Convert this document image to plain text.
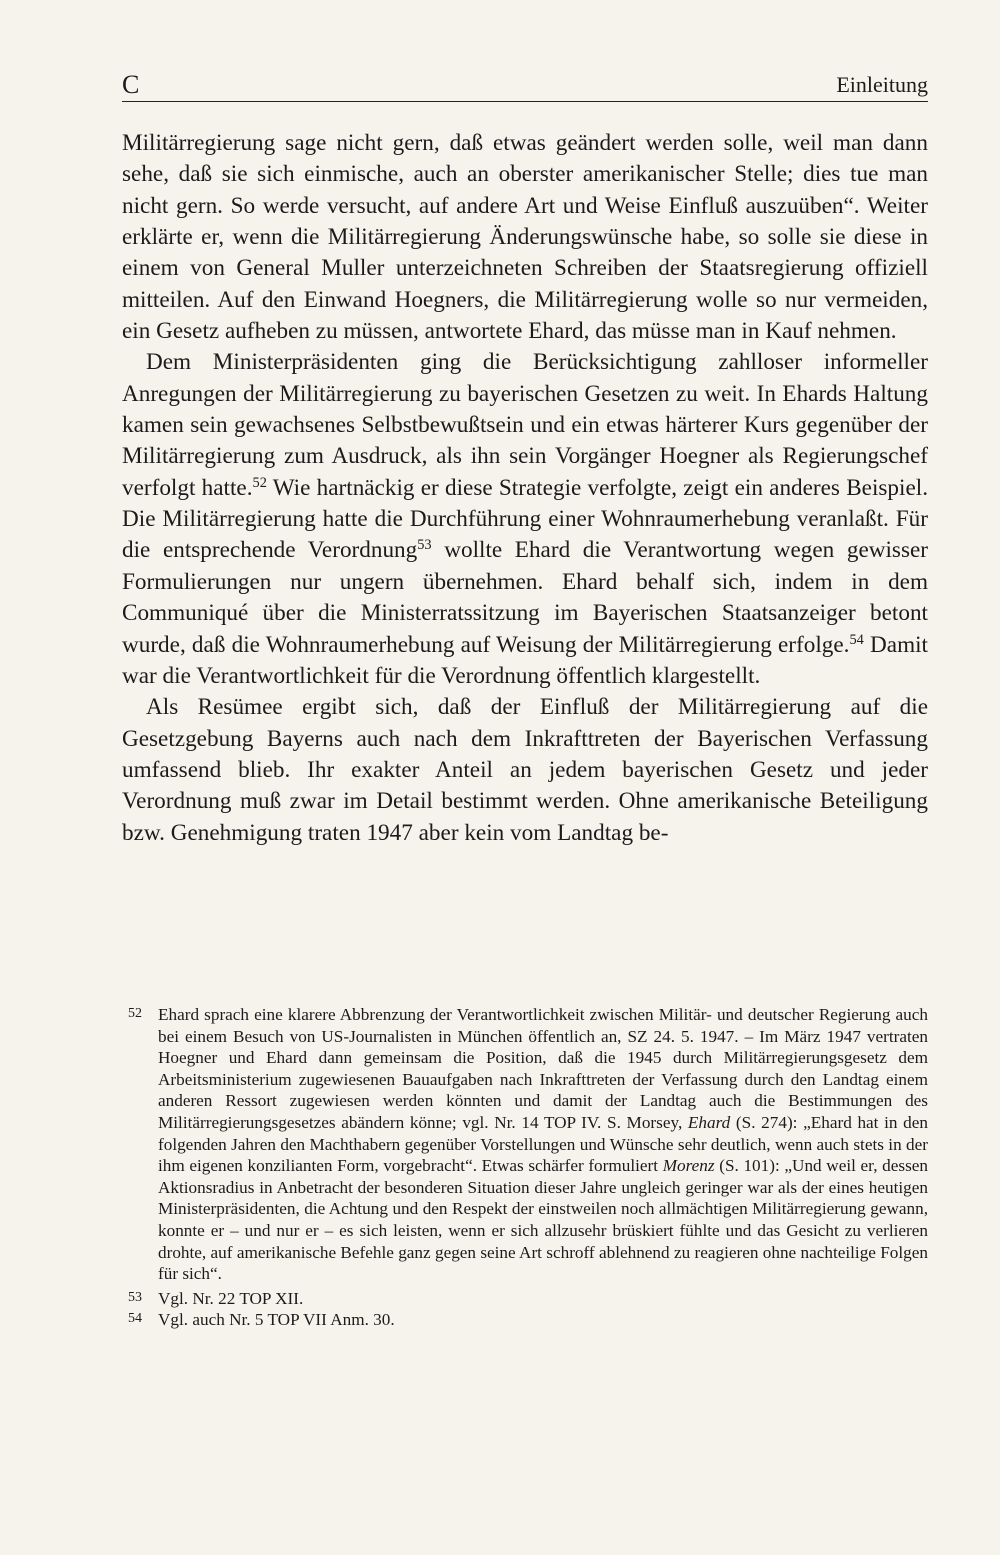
C	Einleitung

Militärregierung sage nicht gern, daß etwas geändert werden solle, weil man dann sehe, daß sie sich einmische, auch an oberster amerikanischer Stelle; dies tue man nicht gern. So werde versucht, auf andere Art und Weise Einfluß auszuüben“. Weiter erklärte er, wenn die Militärregierung Änderungswünsche habe, so solle sie diese in einem von General Muller unterzeichneten Schreiben der Staatsregierung offiziell mitteilen. Auf den Einwand Hoegners, die Militärregierung wolle so nur vermeiden, ein Gesetz aufheben zu müssen, antwortete Ehard, das müsse man in Kauf nehmen.

Dem Ministerpräsidenten ging die Berücksichtigung zahlloser informeller Anregungen der Militärregierung zu bayerischen Gesetzen zu weit. In Ehards Haltung kamen sein gewachsenes Selbstbewußtsein und ein etwas härterer Kurs gegenüber der Militärregierung zum Ausdruck, als ihn sein Vorgänger Hoegner als Regierungschef verfolgt hatte.$^{52}$ Wie hartnäckig er diese Strategie verfolgte, zeigt ein anderes Beispiel. Die Militärregierung hatte die Durchführung einer Wohnraumerhebung veranlaßt. Für die entsprechende Verordnung$^{53}$ wollte Ehard die Verantwortung wegen gewisser Formulierungen nur ungern übernehmen. Ehard behalf sich, indem in dem Communiqué über die Ministerratssitzung im Bayerischen Staatsanzeiger betont wurde, daß die Wohnraumerhebung auf Weisung der Militärregierung erfolge.$^{54}$ Damit war die Verantwortlichkeit für die Verordnung öffentlich klargestellt.

Als Resümee ergibt sich, daß der Einfluß der Militärregierung auf die Gesetzgebung Bayerns auch nach dem Inkrafttreten der Bayerischen Verfassung umfassend blieb. Ihr exakter Anteil an jedem bayerischen Gesetz und jeder Verordnung muß zwar im Detail bestimmt werden. Ohne amerikanische Beteiligung bzw. Genehmigung traten 1947 aber kein vom Landtag be-

52 Ehard sprach eine klarere Abbrenzung der Verantwortlichkeit zwischen Militär- und deutscher Regierung auch bei einem Besuch von US-Journalisten in München öffentlich an, SZ 24. 5. 1947. – Im März 1947 vertraten Hoegner und Ehard dann gemeinsam die Position, daß die 1945 durch Militärregierungsgesetz dem Arbeitsministerium zugewiesenen Bauaufgaben nach Inkrafttreten der Verfassung durch den Landtag einem anderen Ressort zugewiesen werden könnten und damit der Landtag auch die Bestimmungen des Militärregierungsgesetzes abändern könne; vgl. Nr. 14 TOP IV. S. Morsey, Ehard (S. 274): „Ehard hat in den folgenden Jahren den Machthabern gegenüber Vorstellungen und Wünsche sehr deutlich, wenn auch stets in der ihm eigenen konzilianten Form, vorgebracht“. Etwas schärfer formuliert Morenz (S. 101): „Und weil er, dessen Aktionsradius in Anbetracht der besonderen Situation dieser Jahre ungleich geringer war als der eines heutigen Ministerpräsidenten, die Achtung und den Respekt der einstweilen noch allmächtigen Militärregierung gewann, konnte er – und nur er – es sich leisten, wenn er sich allzusehr brüskiert fühlte und das Gesicht zu verlieren drohte, auf amerikanische Befehle ganz gegen seine Art schroff ablehnend zu reagieren ohne nachteilige Folgen für sich“.
53 Vgl. Nr. 22 TOP XII.
54 Vgl. auch Nr. 5 TOP VII Anm. 30.
